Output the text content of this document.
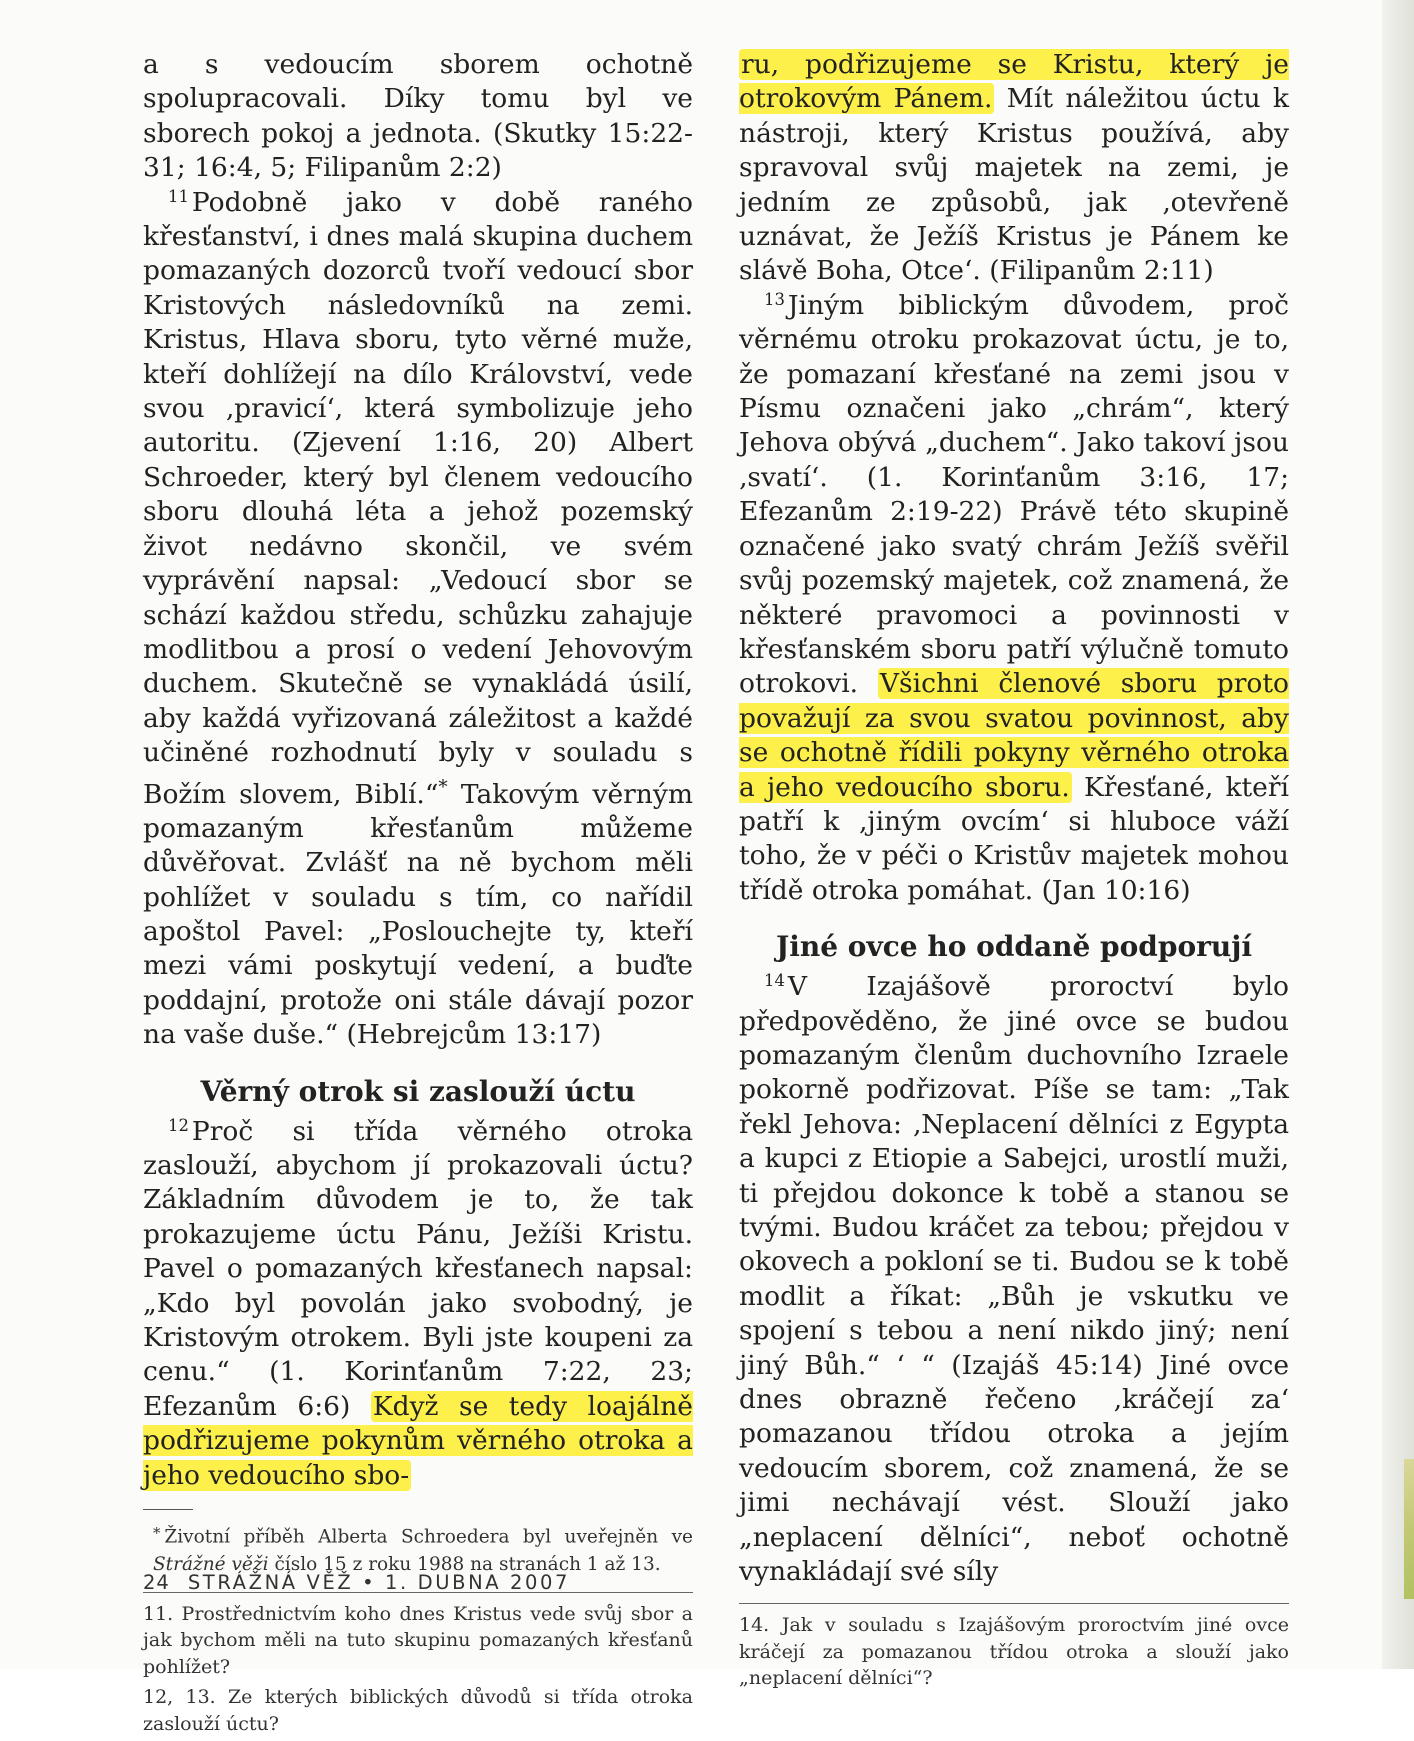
a s vedoucím sborem ochotně spolupracovali. Díky tomu byl ve sborech pokoj a jednota. (Skutky 15:22-31; 16:4, 5; Filipanům 2:2)

$^{11}$ Podobně jako v době raného křesťanství, i dnes malá skupina duchem pomazaných dozorců tvoří vedoucí sbor Kristových následovníků na zemi. Kristus, Hlava sboru, tyto věrné muže, kteří dohlížejí na dílo Království, vede svou ‚pravicí‘, která symbolizuje jeho autoritu. (Zjevení 1:16, 20) Albert Schroeder, který byl členem vedoucího sboru dlouhá léta a jehož pozemský život nedávno skončil, ve svém vyprávění napsal: „Vedoucí sbor se schází každou středu, schůzku zahajuje modlitbou a prosí o vedení Jehovovým duchem. Skutečně se vynakládá úsilí, aby každá vyřizovaná záležitost a každé učiněné rozhodnutí byly v souladu s Božím slovem, Biblí.“* Takovým věrným pomazaným křesťanům můžeme důvěřovat. Zvlášť na ně bychom měli pohlížet v souladu s tím, co nařídil apoštol Pavel: „Poslouchejte ty, kteří mezi vámi poskytují vedení, a buďte poddajní, protože oni stále dávají pozor na vaše duše.“ (Hebrejcům 13:17)

Věrný otrok si zaslouží úctu

$^{12}$ Proč si třída věrného otroka zaslouží, abychom jí prokazovali úctu? Základním důvodem je to, že tak prokazujeme úctu Pánu, Ježíši Kristu. Pavel o pomazaných křesťanech napsal: „Kdo byl povolán jako svobodný, je Kristovým otrokem. Byli jste koupeni za cenu.“ (1. Korinťanům 7:22, 23; Efezanům 6:6) Když se tedy loajálně podřizujeme pokynům věrného otroka a jeho vedoucího sbo-

* Životní příběh Alberta Schroedera byl uveřejněn ve Strážné věži číslo 15 z roku 1988 na stranách 1 až 13.

11. Prostřednictvím koho dnes Kristus vede svůj sbor a jak bychom měli na tuto skupinu pomazaných křesťanů pohlížet?

12, 13. Ze kterých biblických důvodů si třída otroka zaslouží úctu?

ru, podřizujeme se Kristu, který je otrokovým Pánem. Mít náležitou úctu k nástroji, který Kristus používá, aby spravoval svůj majetek na zemi, je jedním ze způsobů, jak ‚otevřeně uznávat, že Ježíš Kristus je Pánem ke slávě Boha, Otce‘. (Filipanům 2:11)

$^{13}$ Jiným biblickým důvodem, proč věrnému otroku prokazovat úctu, je to, že pomazaní křesťané na zemi jsou v Písmu označeni jako „chrám“, který Jehova obývá „duchem“. Jako takoví jsou ‚svatí‘. (1. Korinťanům 3:16, 17; Efezanům 2:19-22) Právě této skupině označené jako svatý chrám Ježíš svěřil svůj pozemský majetek, což znamená, že některé pravomoci a povinnosti v křesťanském sboru patří výlučně tomuto otrokovi. Všichni členové sboru proto považují za svou svatou povinnost, aby se ochotně řídili pokyny věrného otroka a jeho vedoucího sboru. Křesťané, kteří patří k ‚jiným ovcím‘ si hluboce váží toho, že v péči o Kristův majetek mohou třídě otroka pomáhat. (Jan 10:16)

Jiné ovce ho oddaně podporují

$^{14}$ V Izajášově proroctví bylo předpověděno, že jiné ovce se budou pomazaným členům duchovního Izraele pokorně podřizovat. Píše se tam: „Tak řekl Jehova: ‚Neplacení dělníci z Egypta a kupci z Etiopie a Sabejci, urostlí muži, ti přejdou dokonce k tobě a stanou se tvými. Budou kráčet za tebou; přejdou v okovech a pokloní se ti. Budou se k tobě modlit a říkat: „Bůh je vskutku ve spojení s tebou a není nikdo jiný; není jiný Bůh.“ ‘ “ (Izajáš 45:14) Jiné ovce dnes obrazně řečeno ‚kráčejí za‘ pomazanou třídou otroka a jejím vedoucím sborem, což znamená, že se jimi nechávají vést. Slouží jako „neplacení dělníci“, neboť ochotně vynakládají své síly

14. Jak v souladu s Izajášovým proroctvím jiné ovce kráčejí za pomazanou třídou otroka a slouží jako „neplacení dělníci“?

24 STRÁŽNÁ VĚŽ • 1. DUBNA 2007
